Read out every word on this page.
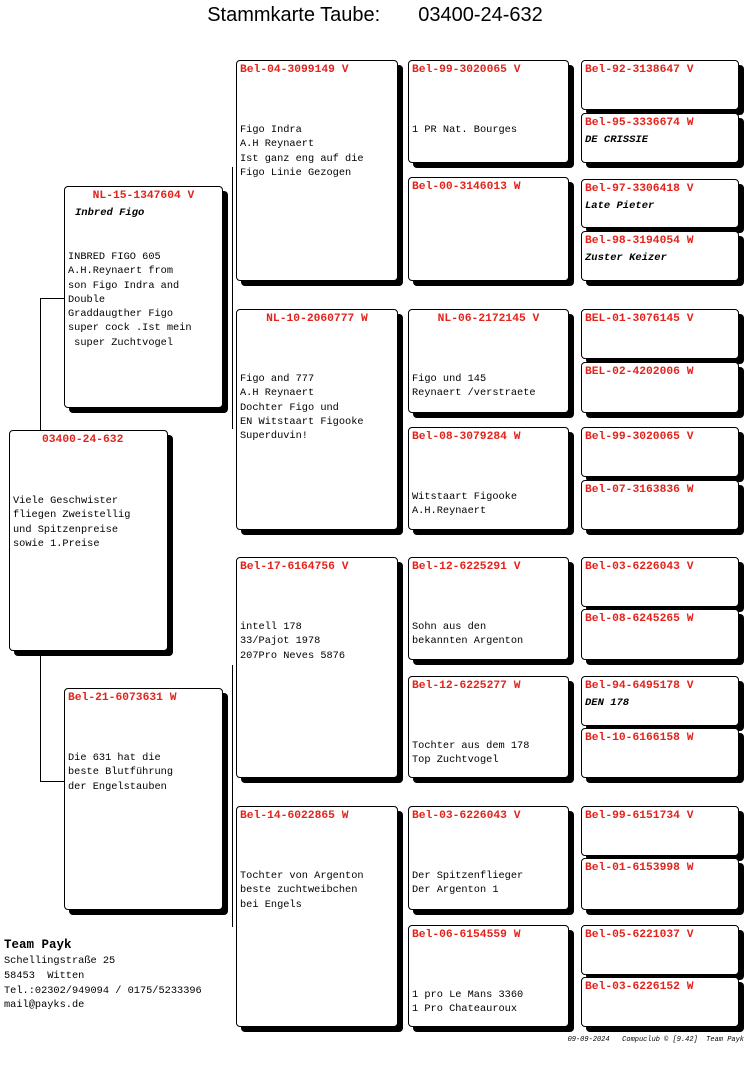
Stammkarte Taube: 03400-24-632
03400-24-632
Viele Geschwister
fliegen Zweistellig
und Spitzenpreise
sowie 1.Preise
NL-15-1347604 V
Inbred Figo
INBRED FIGO 605
A.H.Reynaert from
son Figo Indra and
Double
Graddaugther Figo
super cock .Ist mein
super Zuchtvogel
Bel-21-6073631 W
Die 631 hat die
beste Blutführung
der Engelstauben
Bel-04-3099149 V
Figo Indra
A.H Reynaert
Ist ganz eng auf die
Figo Linie Gezogen
NL-10-2060777 W
Figo and 777
A.H Reynaert
Dochter Figo und
EN Witstaart Figooke
Superduvin!
Bel-17-6164756 V
intell 178
33/Pajot 1978
207Pro Neves 5876
Bel-14-6022865 W
Tochter von Argenton
beste zuchtweibchen
bei Engels
Bel-99-3020065 V
1 PR Nat. Bourges
Bel-00-3146013 W
NL-06-2172145 V
Figo und 145
Reynaert /verstraete
Bel-08-3079284 W
Witstaart Figooke
A.H.Reynaert
Bel-12-6225291 V
Sohn aus den
bekannten Argenton
Bel-12-6225277 W
Tochter aus dem 178
Top Zuchtvogel
Bel-03-6226043 V
Der Spitzenflieger
Der Argenton 1
Bel-06-6154559 W
1 pro Le Mans 3360
1 Pro Chateauroux
Bel-92-3138647 V
Bel-95-3336674 W
DE CRISSIE
Bel-97-3306418 V
Late Pieter
Bel-98-3194054 W
Zuster Keizer
BEL-01-3076145 V
BEL-02-4202006 W
Bel-99-3020065 V
Bel-07-3163836 W
Bel-03-6226043 V
Bel-08-6245265 W
Bel-94-6495178 V
DEN 178
Bel-10-6166158 W
Bel-99-6151734 V
Bel-01-6153998 W
Bel-05-6221037 V
Bel-03-6226152 W
Team Payk
Schellingstraße 25
58453  Witten
Tel.:02302/949094 / 0175/5233396
mail@payks.de
09-09-2024   Compuclub © [9.42]  Team Payk
